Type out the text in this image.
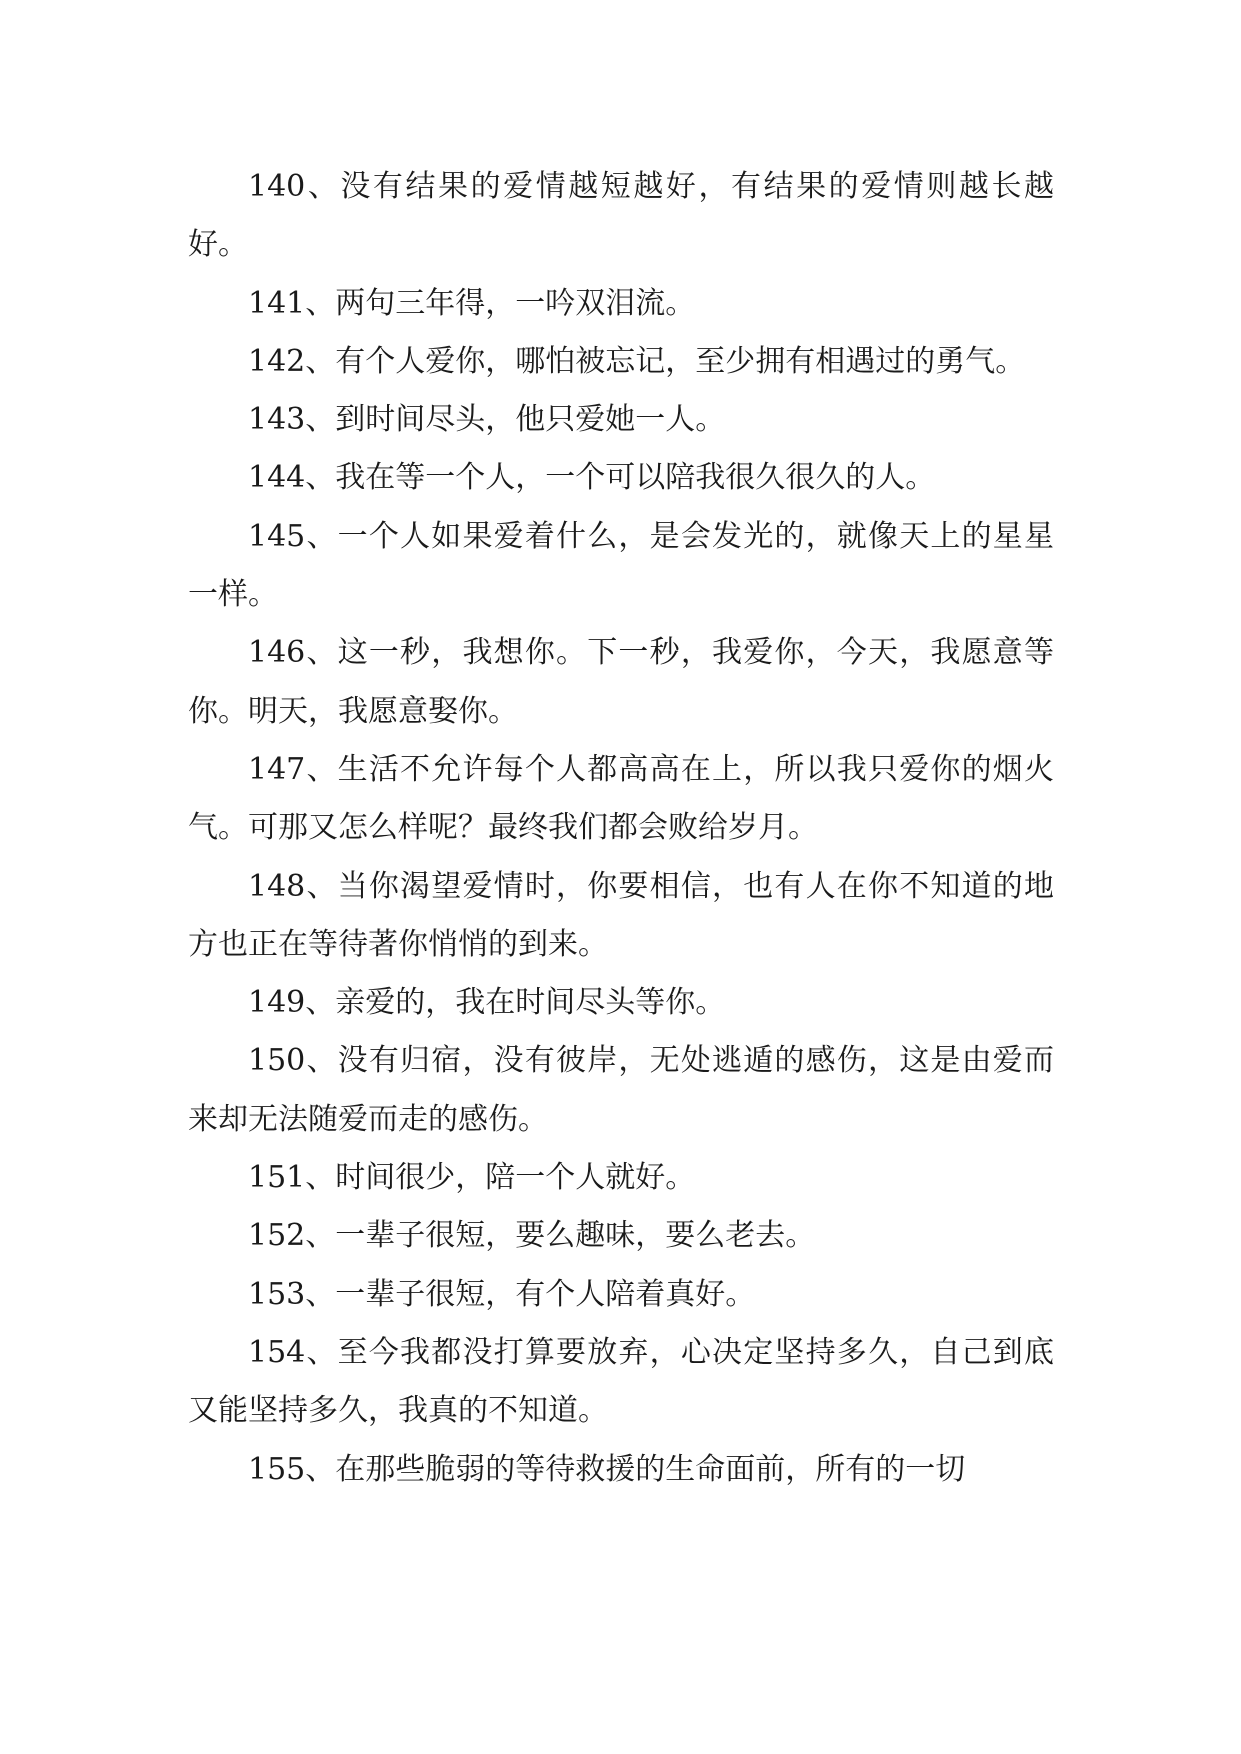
140、没有结果的爱情越短越好，有结果的爱情则越长越好。

141、两句三年得，一吟双泪流。

142、有个人爱你，哪怕被忘记，至少拥有相遇过的勇气。

143、到时间尽头，他只爱她一人。

144、我在等一个人，一个可以陪我很久很久的人。

145、一个人如果爱着什么，是会发光的，就像天上的星星一样。

146、这一秒，我想你。下一秒，我爱你，今天，我愿意等你。明天，我愿意娶你。

147、生活不允许每个人都高高在上，所以我只爱你的烟火气。可那又怎么样呢？最终我们都会败给岁月。

148、当你渴望爱情时，你要相信，也有人在你不知道的地方也正在等待著你悄悄的到来。

149、亲爱的，我在时间尽头等你。

150、没有归宿，没有彼岸，无处逃遁的感伤，这是由爱而来却无法随爱而走的感伤。

151、时间很少，陪一个人就好。

152、一辈子很短，要么趣味，要么老去。

153、一辈子很短，有个人陪着真好。

154、至今我都没打算要放弃，心决定坚持多久，自己到底又能坚持多久，我真的不知道。

155、在那些脆弱的等待救援的生命面前，所有的一切
